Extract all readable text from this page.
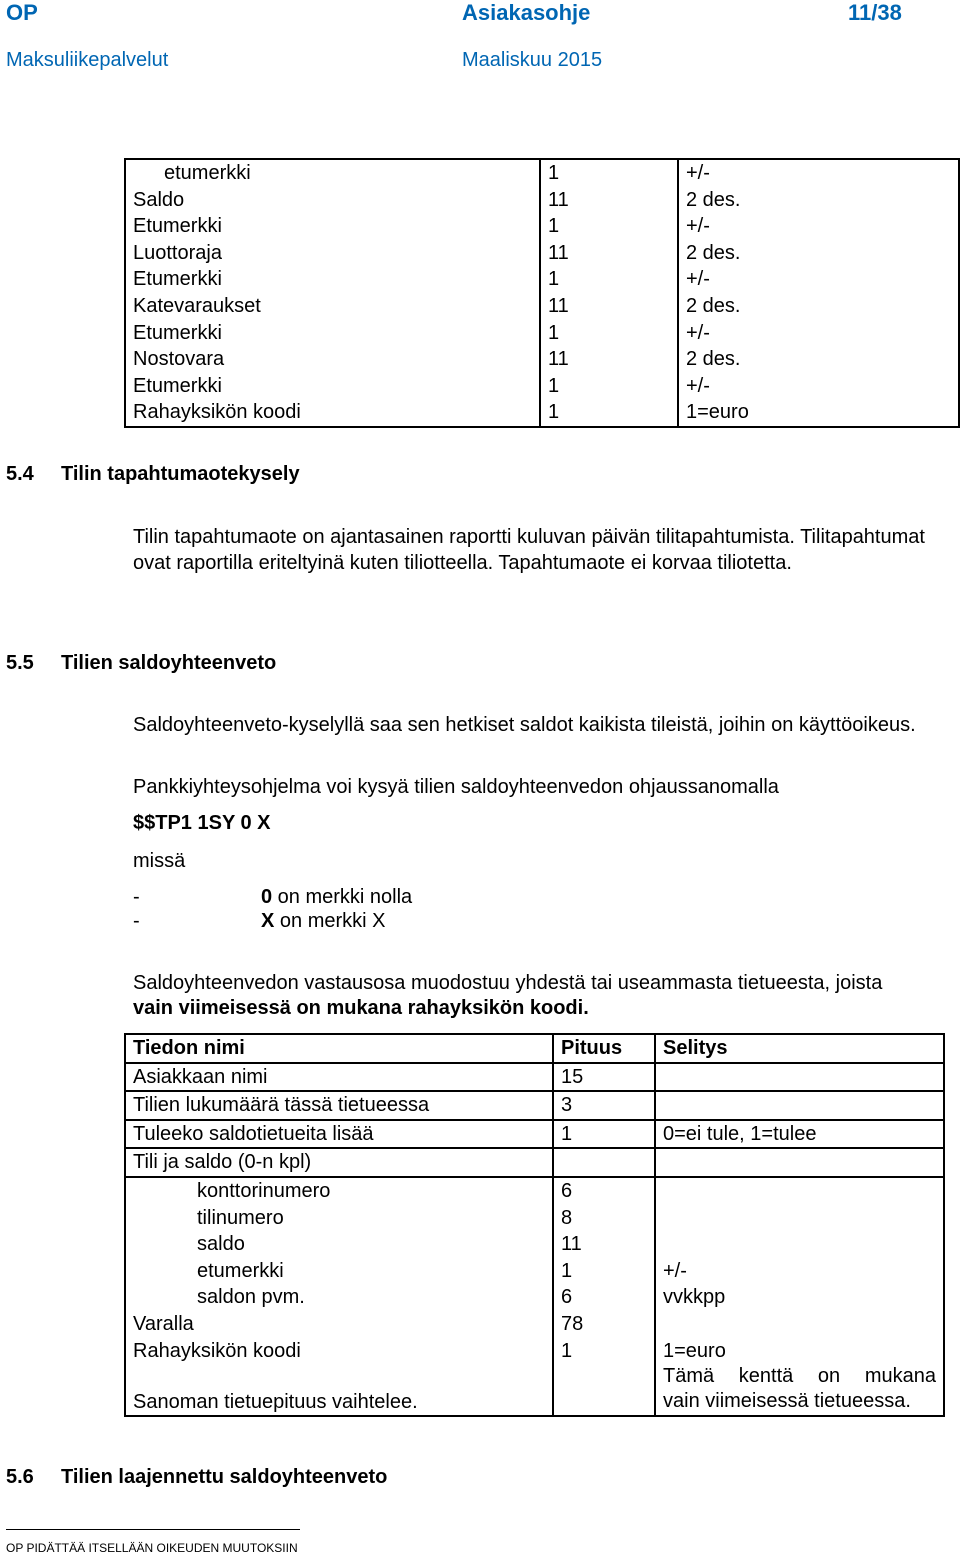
OP	Asiakasohje	11/38
Maksuliikepalvelut	Maaliskuu 2015
etumerkki	1	+/-
Saldo	11	2 des.
Etumerkki	1	+/-
Luottoraja	11	2 des.
Etumerkki	1	+/-
Katevaraukset	11	2 des.
Etumerkki	1	+/-
Nostovara	11	2 des.
Etumerkki	1	+/-
Rahayksikön koodi	1	1=euro
5.4 Tilin tapahtumaotekysely
Tilin tapahtumaote on ajantasainen raportti kuluvan päivän tilitapahtumista. Tilitapahtumat ovat raportilla eriteltyinä kuten tiliotteella. Tapahtumaote ei korvaa tiliotetta.
5.5 Tilien saldoyhteenveto
Saldoyhteenveto-kyselyllä saa sen hetkiset saldot kaikista tileistä, joihin on käyttöoikeus.
Pankkiyhteysohjelma voi kysyä tilien saldoyhteenvedon ohjaussanomalla
$$TP1 1SY 0 X
missä
-	0 on merkki nolla
-	X on merkki X
Saldoyhteenvedon vastausosa muodostuu yhdestä tai useammasta tietueesta, joista vain viimeisessä on mukana rahayksikön koodi.
Tiedon nimi	Pituus	Selitys
Asiakkaan nimi	15	
Tilien lukumäärä tässä tietueessa	3	
Tuleeko saldotietueita lisää	1	0=ei tule, 1=tulee
Tili ja saldo (0-n kpl)		
konttorinumero	6	
tilinumero	8	
saldo	11	
etumerkki	1	+/-
saldon pvm.	6	vvkkpp
Varalla	78	
Rahayksikön koodi	1	1=euro
Sanoman tietuepituus vaihtelee.		Tämä kenttä on mukana
vain viimeisessä tietueessa.
5.6 Tilien laajennettu saldoyhteenveto
OP PIDÄTTÄÄ ITSELLÄÄN OIKEUDEN MUUTOKSIIN
